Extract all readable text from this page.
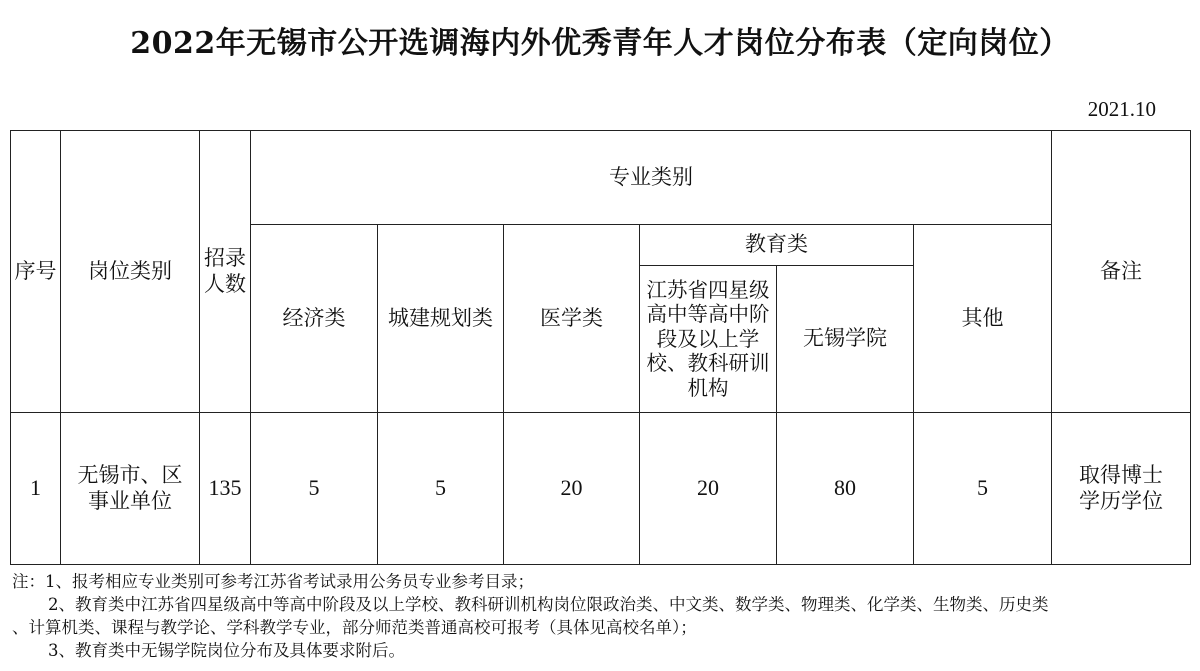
2022年无锡市公开选调海内外优秀青年人才岗位分布表（定向岗位）
2021.10
序号	岗位类别	招录人数	专业类别						备注
			经济类	城建规划类	医学类	教育类		其他	
						江苏省四星级高中等高中阶段及以上学校、教科研训机构	无锡学院		
1	无锡市、区事业单位	135	5	5	20	20	80	5	取得博士学历学位
注：1、报考相应专业类别可参考江苏省考试录用公务员专业参考目录；
2、教育类中江苏省四星级高中等高中阶段及以上学校、教科研训机构岗位限政治类、中文类、数学类、物理类、化学类、生物类、历史类
、计算机类、课程与教学论、学科教学专业，部分师范类普通高校可报考（具体见高校名单）；
3、教育类中无锡学院岗位分布及具体要求附后。
